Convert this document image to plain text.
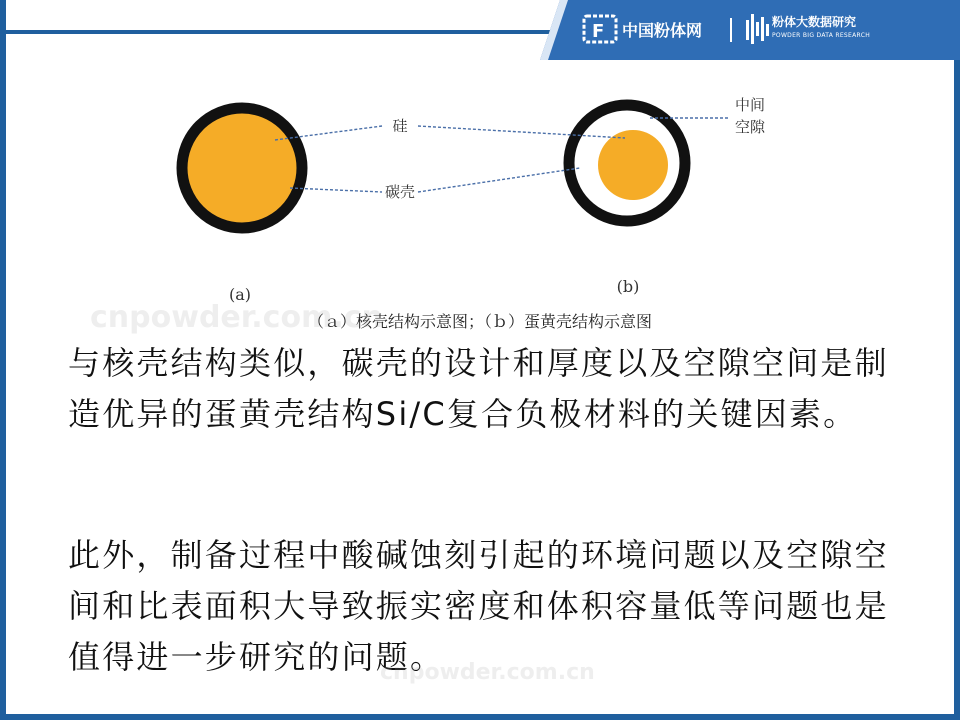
F 中国粉体网	粉体大数据研究
POWDER BIG DATA RESEARCH
硅
碳壳
中间 空隙
(a)	(b)
（ａ）核壳结构示意图；（ｂ）蛋黄壳结构示意图

与核壳结构类似，碳壳的设计和厚度以及空隙空间是制造优异的蛋黄壳结构Si/C复合负极材料的关键因素。

此外，制备过程中酸碱蚀刻引起的环境问题以及空隙空间和比表面积大导致振实密度和体积容量低等问题也是值得进一步研究的问题。

cnpowder.com.cn
cnpowder.com.cn
